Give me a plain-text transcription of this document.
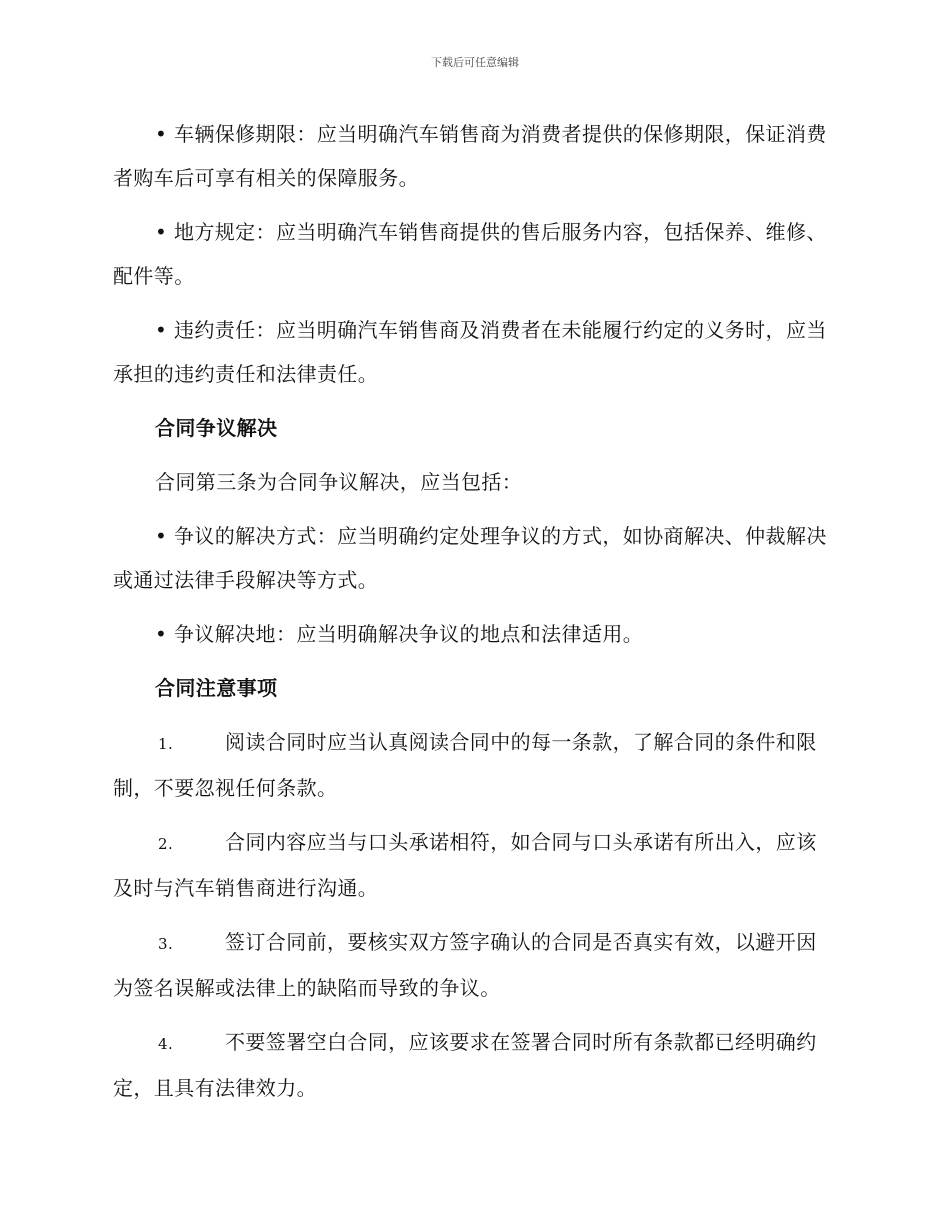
下载后可任意编辑

• 车辆保修期限：应当明确汽车销售商为消费者提供的保修期限，保证消费者购车后可享有相关的保障服务。

• 地方规定：应当明确汽车销售商提供的售后服务内容，包括保养、维修、配件等。

• 违约责任：应当明确汽车销售商及消费者在未能履行约定的义务时，应当承担的违约责任和法律责任。

合同争议解决

合同第三条为合同争议解决，应当包括：

• 争议的解决方式：应当明确约定处理争议的方式，如协商解决、仲裁解决或通过法律手段解决等方式。

• 争议解决地：应当明确解决争议的地点和法律适用。

合同注意事项

1.	阅读合同时应当认真阅读合同中的每一条款，了解合同的条件和限制，不要忽视任何条款。

2.	合同内容应当与口头承诺相符，如合同与口头承诺有所出入，应该及时与汽车销售商进行沟通。

3.	签订合同前，要核实双方签字确认的合同是否真实有效，以避开因为签名误解或法律上的缺陷而导致的争议。

4.	不要签署空白合同，应该要求在签署合同时所有条款都已经明确约定，且具有法律效力。
